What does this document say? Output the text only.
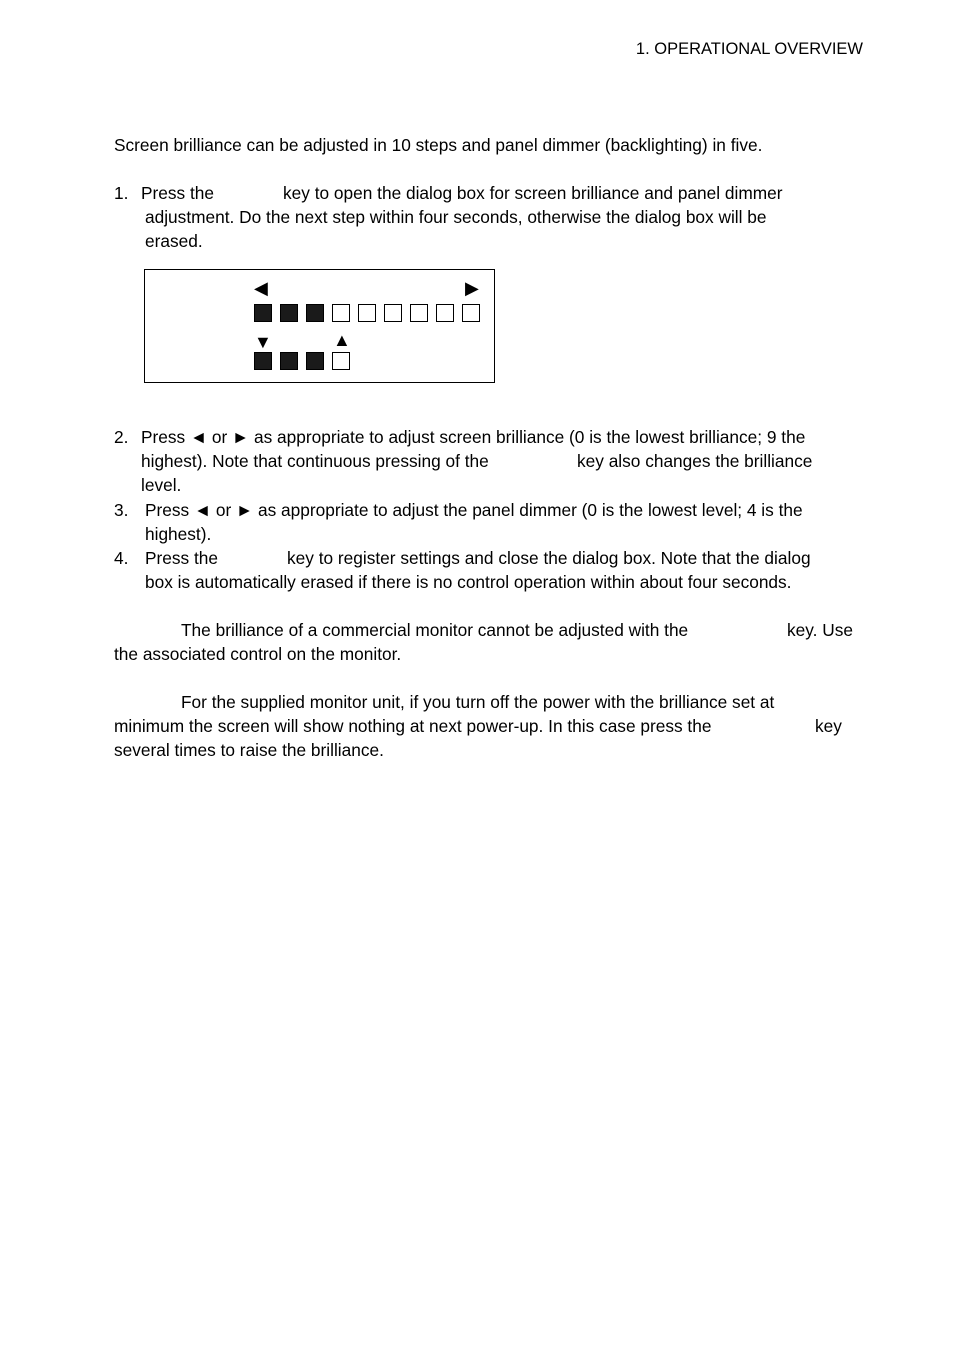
1. OPERATIONAL OVERVIEW
Screen brilliance can be adjusted in 10 steps and panel dimmer (backlighting) in five.
1. Press the	key to open the dialog box for screen brilliance and panel dimmer
adjustment. Do the next step within four seconds, otherwise the dialog box will be
erased.
◀	▶
▼	▲
2. Press ◄ or ► as appropriate to adjust screen brilliance (0 is the lowest brilliance; 9 the
highest). Note that continuous pressing of the	key also changes the brilliance
level.
3. Press ◄ or ► as appropriate to adjust the panel dimmer (0 is the lowest level; 4 is the
highest).
4. Press the	key to register settings and close the dialog box. Note that the dialog
box is automatically erased if there is no control operation within about four seconds.
The brilliance of a commercial monitor cannot be adjusted with the	key. Use
the associated control on the monitor.
For the supplied monitor unit, if you turn off the power with the brilliance set at
minimum the screen will show nothing at next power-up. In this case press the	key
several times to raise the brilliance.
